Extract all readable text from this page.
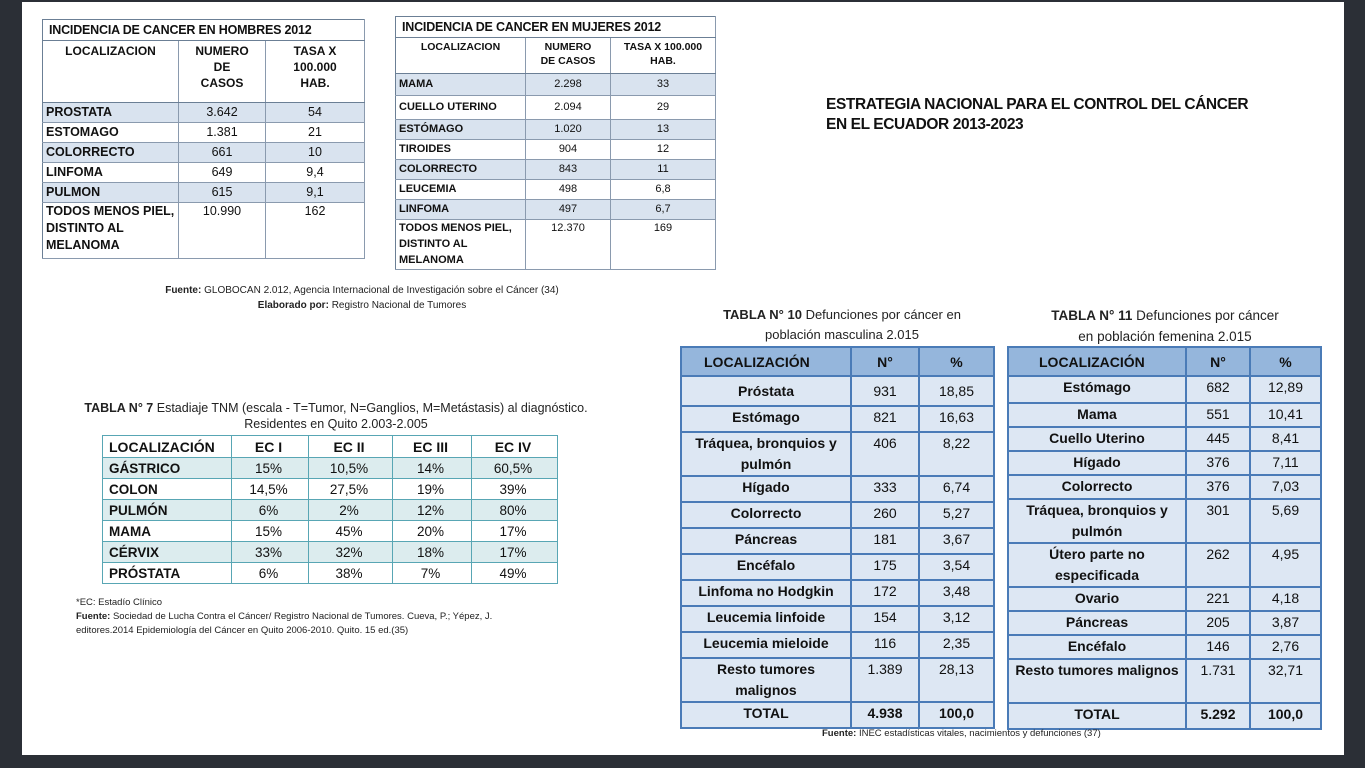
ESTRATEGIA NACIONAL PARA EL CONTROL DEL CÁNCER
EN EL ECUADOR 2013-2023
INCIDENCIA DE CANCER EN HOMBRES 2012		
LOCALIZACION	NUMERO DE CASOS	TASA X 100.000 HAB.
PROSTATA	3.642	54
ESTOMAGO	1.381	21
COLORRECTO	661	10
LINFOMA	649	9,4
PULMON	615	9,1
TODOS MENOS PIEL, DISTINTO AL MELANOMA	10.990	162
INCIDENCIA DE CANCER EN MUJERES 2012		
LOCALIZACION	NUMERO DE CASOS	TASA X 100.000 HAB.
MAMA	2.298	33
CUELLO UTERINO	2.094	29
ESTÓMAGO	1.020	13
TIROIDES	904	12
COLORRECTO	843	11
LEUCEMIA	498	6,8
LINFOMA	497	6,7
TODOS MENOS PIEL, DISTINTO AL MELANOMA	12.370	169
Fuente: GLOBOCAN 2.012, Agencia Internacional de Investigación sobre el Cáncer (34)
Elaborado por: Registro Nacional de Tumores
TABLA N° 7 Estadiaje TNM (escala - T=Tumor, N=Ganglios, M=Metástasis) al diagnóstico.
Residentes en Quito 2.003-2.005
LOCALIZACIÓN	EC I	EC II	EC III	EC IV
GÁSTRICO	15%	10,5%	14%	60,5%
COLON	14,5%	27,5%	19%	39%
PULMÓN	6%	2%	12%	80%
MAMA	15%	45%	20%	17%
CÉRVIX	33%	32%	18%	17%
PRÓSTATA	6%	38%	7%	49%
*EC: Estadío Clínico
Fuente: Sociedad de Lucha Contra el Cáncer/ Registro Nacional de Tumores. Cueva, P.; Yépez, J.
editores.2014 Epidemiología del Cáncer en Quito 2006-2010. Quito. 15 ed.(35)
TABLA N° 10 Defunciones por cáncer en
población masculina 2.015
LOCALIZACIÓN	N°	%
Próstata	931	18,85
Estómago	821	16,63
Tráquea, bronquios y pulmón	406	8,22
Hígado	333	6,74
Colorrecto	260	5,27
Páncreas	181	3,67
Encéfalo	175	3,54
Linfoma no Hodgkin	172	3,48
Leucemia linfoide	154	3,12
Leucemia mieloide	116	2,35
Resto tumores malignos	1.389	28,13
TOTAL	4.938	100,0
TABLA N° 11 Defunciones por cáncer
en población femenina 2.015
LOCALIZACIÓN	N°	%
Estómago	682	12,89
Mama	551	10,41
Cuello Uterino	445	8,41
Hígado	376	7,11
Colorrecto	376	7,03
Tráquea, bronquios y pulmón	301	5,69
Útero parte no especificada	262	4,95
Ovario	221	4,18
Páncreas	205	3,87
Encéfalo	146	2,76
Resto tumores malignos	1.731	32,71
TOTAL	5.292	100,0
Fuente: INEC estadísticas vitales, nacimientos y defunciones (37)
